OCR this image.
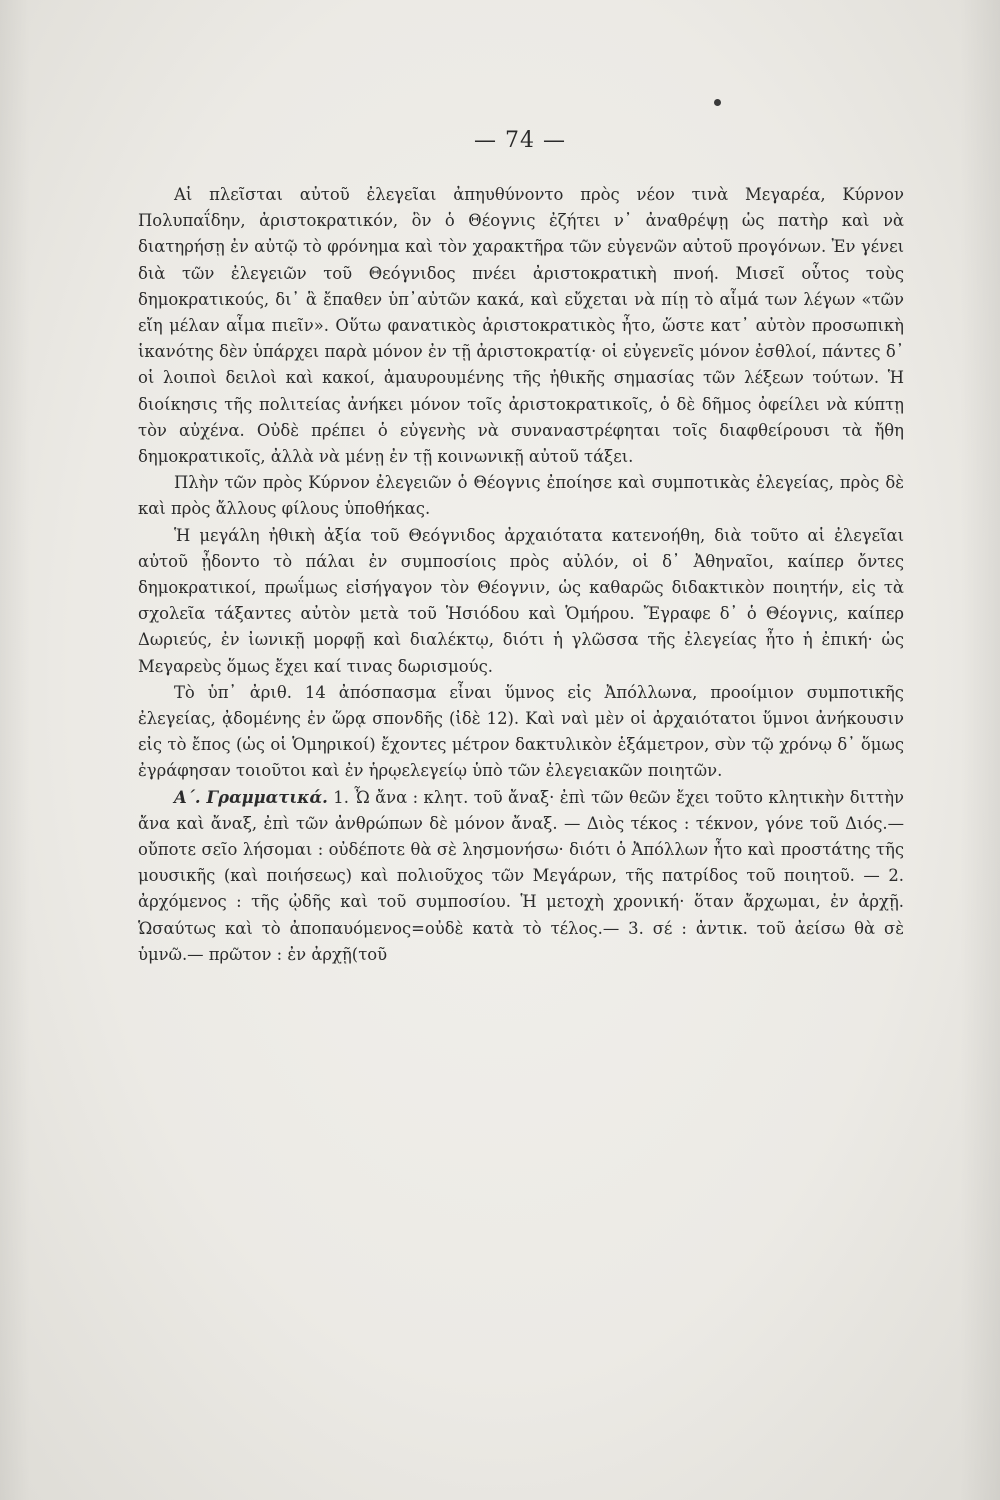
— 74 —

Αἱ πλεῖσται αὐτοῦ ἐλεγεῖαι ἀπηυθύνοντο πρὸς νέον τινὰ Μεγαρέα, Κύρνον Πολυπαΐδην, ἀριστοκρατικόν, ὃν ὁ Θέογνις ἐζήτει ν᾽ ἀναθρέψῃ ὡς πατὴρ καὶ νὰ διατηρήσῃ ἐν αὐτῷ τὸ φρόνημα καὶ τὸν χαρακτῆρα τῶν εὐγενῶν αὐτοῦ προγόνων. Ἐν γένει διὰ τῶν ἐλεγειῶν τοῦ Θεόγνιδος πνέει ἀριστοκρατικὴ πνοή. Μισεῖ οὗτος τοὺς δημοκρατικούς, δι᾽ ἃ ἔπαθεν ὑπ᾽αὐτῶν κακά, καὶ εὔχεται νὰ πίῃ τὸ αἷμά των λέγων «τῶν εἴη μέλαν αἷμα πιεῖν». Οὕτω φανατικὸς ἀριστοκρατικὸς ἦτο, ὥστε κατ᾽ αὐτὸν προσωπικὴ ἱκανότης δὲν ὑπάρχει παρὰ μόνον ἐν τῇ ἀριστοκρατίᾳ· οἱ εὐγενεῖς μόνον ἐσθλοί, πάντες δ᾽ οἱ λοιποὶ δειλοὶ καὶ κακοί, ἀμαυρουμένης τῆς ἠθικῆς σημασίας τῶν λέξεων τούτων. Ἡ διοίκησις τῆς πολιτείας ἀνήκει μόνον τοῖς ἀριστοκρατικοῖς, ὁ δὲ δῆμος ὀφείλει νὰ κύπτῃ τὸν αὐχένα. Οὐδὲ πρέπει ὁ εὐγενὴς νὰ συναναστρέφηται τοῖς διαφθείρουσι τὰ ἤθη δημοκρατικοῖς, ἀλλὰ νὰ μένῃ ἐν τῇ κοινωνικῇ αὐτοῦ τάξει.

Πλὴν τῶν πρὸς Κύρνον ἐλεγειῶν ὁ Θέογνις ἐποίησε καὶ συμποτικὰς ἐλεγείας, πρὸς δὲ καὶ πρὸς ἄλλους φίλους ὑποθήκας.

Ἡ μεγάλη ἠθικὴ ἀξία τοῦ Θεόγνιδος ἀρχαιότατα κατενοήθη, διὰ τοῦτο αἱ ἐλεγεῖαι αὐτοῦ ᾖδοντο τὸ πάλαι ἐν συμποσίοις πρὸς αὐλόν, οἱ δ᾽ Ἀθηναῖοι, καίπερ ὄντες δημοκρατικοί, πρωΐμως εἰσήγαγον τὸν Θέογνιν, ὡς καθαρῶς διδακτικὸν ποιητήν, εἰς τὰ σχολεῖα τάξαντες αὐτὸν μετὰ τοῦ Ἡσιόδου καὶ Ὁμήρου. Ἔγραφε δ᾽ ὁ Θέογνις, καίπερ Δωριεύς, ἐν ἰωνικῇ μορφῇ καὶ διαλέκτῳ, διότι ἡ γλῶσσα τῆς ἐλεγείας ἦτο ἡ ἐπική· ὡς Μεγαρεὺς ὅμως ἔχει καί τινας δωρισμούς.

Τὸ ὑπ᾽ ἀριθ. 14 ἀπόσπασμα εἶναι ὕμνος εἰς Ἀπόλλωνα, προοίμιον συμποτικῆς ἐλεγείας, ᾀδομένης ἐν ὥρᾳ σπονδῆς (ἰδὲ 12). Καὶ ναὶ μὲν οἱ ἀρχαιότατοι ὕμνοι ἀνήκουσιν εἰς τὸ ἔπος (ὡς οἱ Ὁμηρικοί) ἔχοντες μέτρον δακτυλικὸν ἑξάμετρον, σὺν τῷ χρόνῳ δ᾽ ὅμως ἐγράφησαν τοιοῦτοι καὶ ἐν ἡρῳελεγείῳ ὑπὸ τῶν ἐλεγειακῶν ποιητῶν.

Α΄. Γραμματικά. 1. Ὦ ἄνα : κλητ. τοῦ ἄναξ· ἐπὶ τῶν θεῶν ἔχει τοῦτο κλητικὴν διττὴν ἄνα καὶ ἄναξ, ἐπὶ τῶν ἀνθρώπων δὲ μόνον ἄναξ. — Διὸς τέκος : τέκνον, γόνε τοῦ Διός.— οὔποτε σεῖο λήσομαι : οὐδέποτε θὰ σὲ λησμονήσω· διότι ὁ Ἀπόλλων ἦτο καὶ προστάτης τῆς μουσικῆς (καὶ ποιήσεως) καὶ πολιοῦχος τῶν Μεγάρων, τῆς πατρίδος τοῦ ποιητοῦ. — 2. ἀρχόμενος : τῆς ᾠδῆς καὶ τοῦ συμποσίου. Ἡ μετοχὴ χρονική· ὅταν ἄρχωμαι, ἐν ἀρχῇ. Ὡσαύτως καὶ τὸ ἀποπαυόμενος=οὐδὲ κατὰ τὸ τέλος.— 3. σέ : ἀντικ. τοῦ ἀείσω θὰ σὲ ὑμνῶ.— πρῶτον : ἐν ἀρχῇ(τοῦ
